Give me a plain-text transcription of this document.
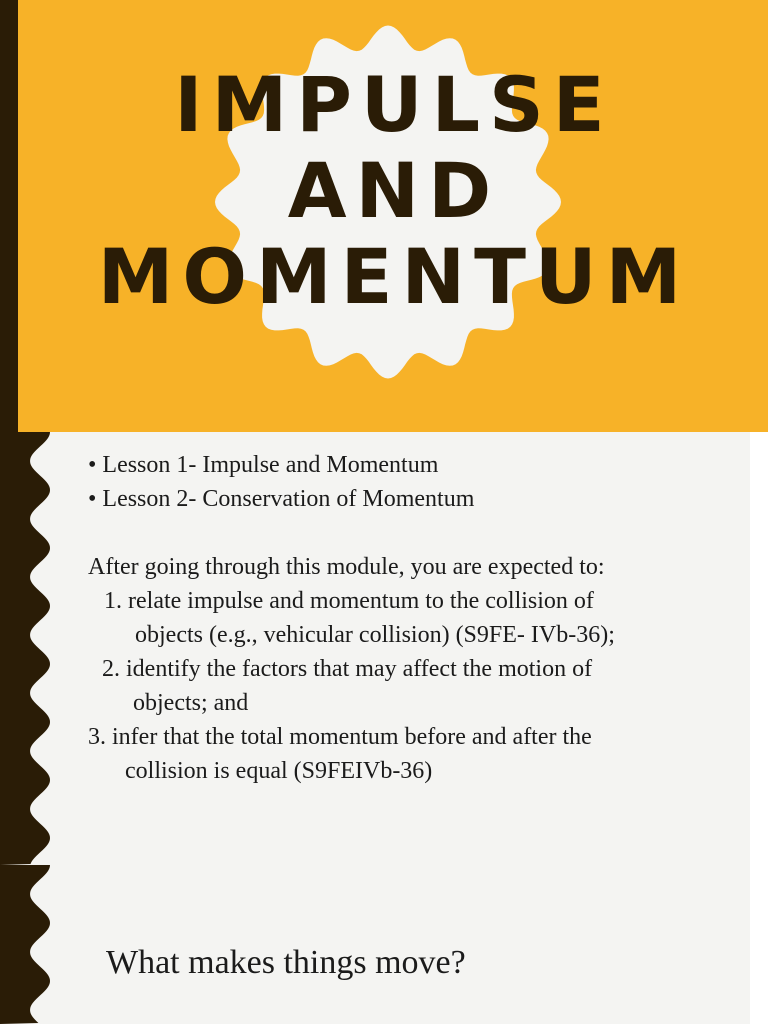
IMPULSE
AND
MOMENTUM
• Lesson 1- Impulse and Momentum
• Lesson 2- Conservation of Momentum

After going through this module, you are expected to:

1. relate impulse and momentum to the collision of
objects (e.g., vehicular collision) (S9FE- IVb-36);

2. identify the factors that may affect the motion of
objects; and

3. infer that the total momentum before and after the
collision is equal (S9FEIVb-36)

What makes things move?
